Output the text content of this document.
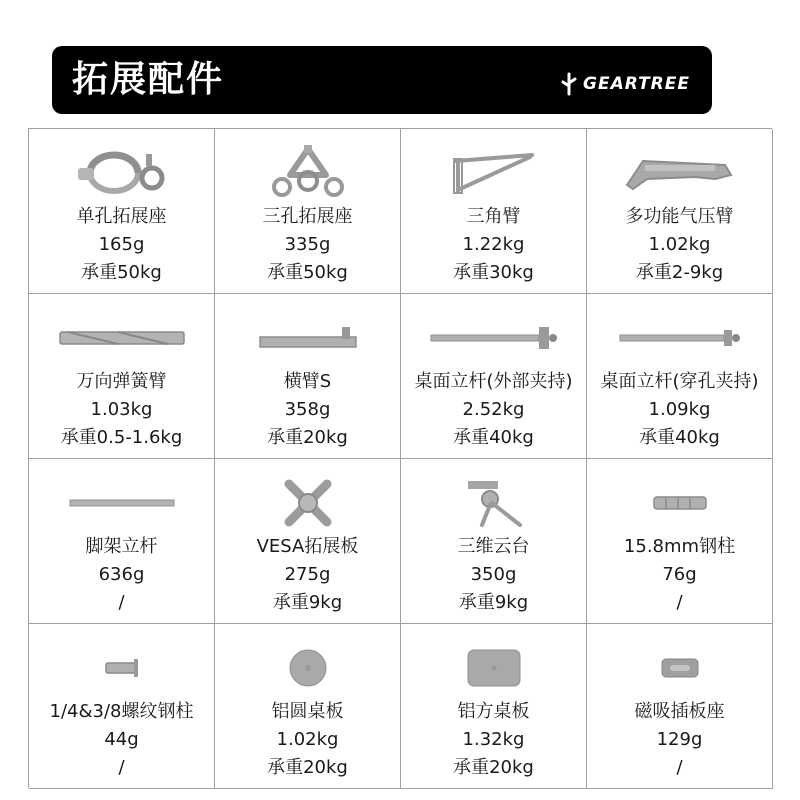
拓展配件	GEARTREE
单孔拓展座
165g
承重50kg
三孔拓展座
335g
承重50kg
三角臂
1.22kg
承重30kg
多功能气压臂
1.02kg
承重2-9kg
万向弹簧臂
1.03kg
承重0.5-1.6kg
横臂S
358g
承重20kg
桌面立杆(外部夹持)
2.52kg
承重40kg
桌面立杆(穿孔夹持)
1.09kg
承重40kg
脚架立杆
636g
/
VESA拓展板
275g
承重9kg
三维云台
350g
承重9kg
15.8mm钢柱
76g
/
1/4&3/8螺纹钢柱
44g
/
铝圆桌板
1.02kg
承重20kg
铝方桌板
1.32kg
承重20kg
磁吸插板座
129g
/
